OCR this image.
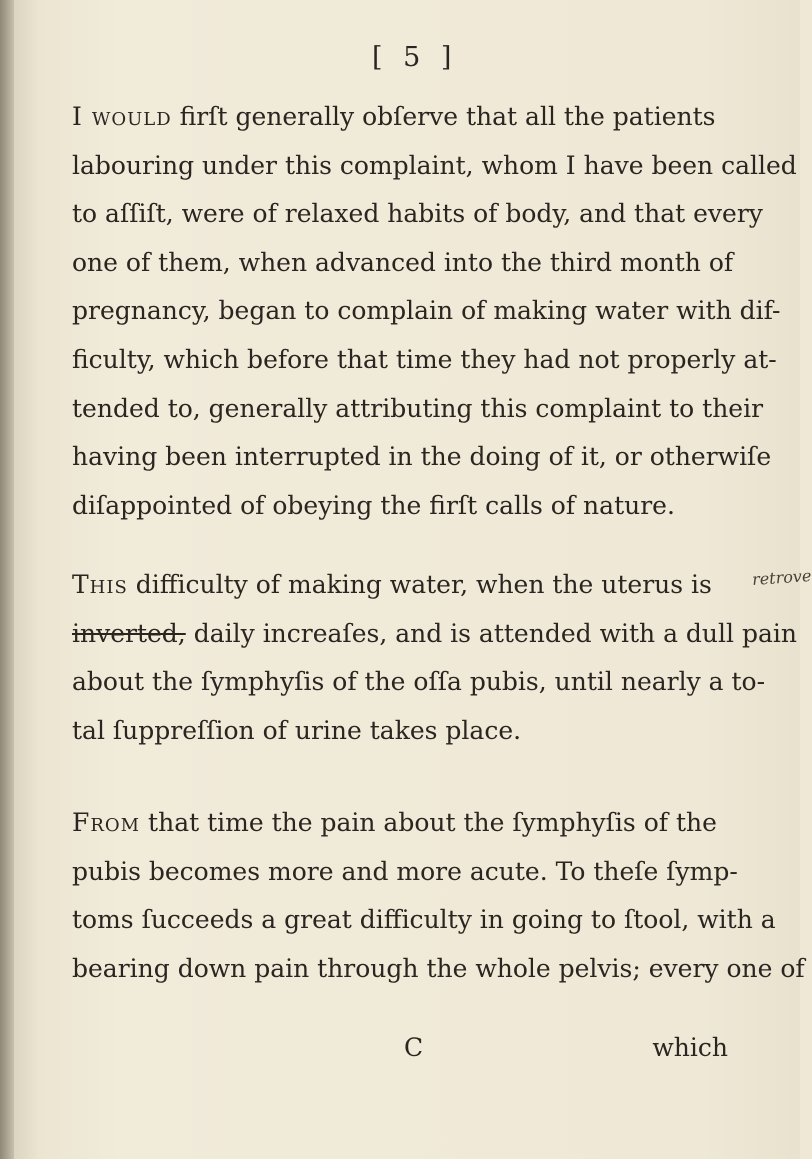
[ 5 ]
I would firſt generally obſerve that all the patients
labouring under this complaint, whom I have been called
to aſſiſt, were of relaxed habits of body, and that every
one of them, when advanced into the third month of
pregnancy, began to complain of making water with dif-
ficulty, which before that time they had not properly at-
tended to, generally attributing this complaint to their
having been interrupted in the doing of it, or otherwiſe
diſappointed of obeying the firſt calls of nature.
This difficulty of making water, when the uterus is
inverted, daily increaſes, and is attended with a dull pain
about the ſymphyſis of the oſſa pubis, until nearly a to-
tal ſuppreſſion of urine takes place.
retrove
From that time the pain about the ſymphyſis of the
pubis becomes more and more acute. To theſe ſymp-
toms ſucceeds a great difficulty in going to ſtool, with a
bearing down pain through the whole pelvis; every one of
C	which
